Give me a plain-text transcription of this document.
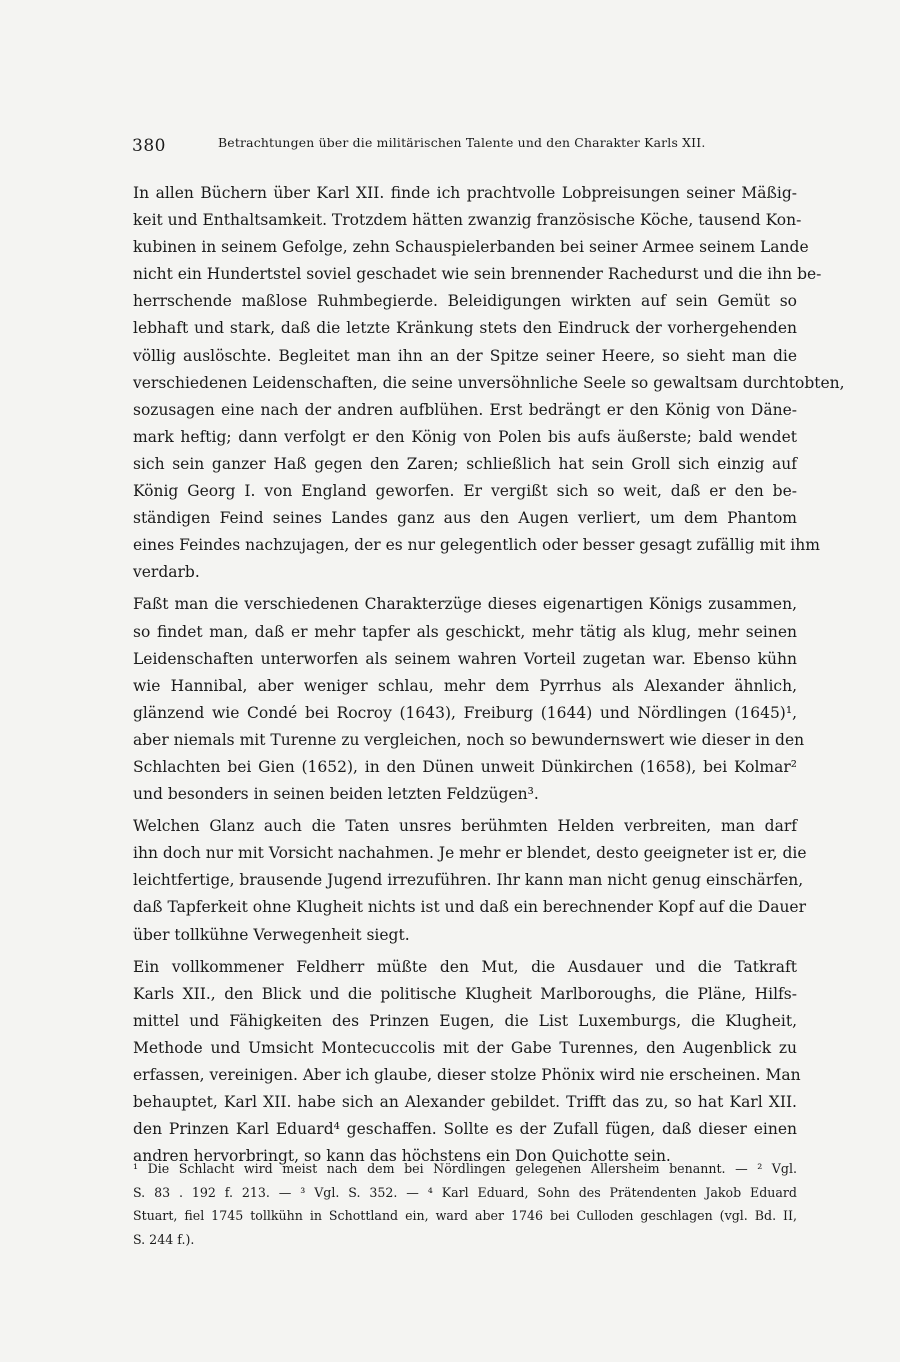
380	Betrachtungen über die militärischen Talente und den Charakter Karls XII.

In allen Büchern über Karl XII. finde ich prachtvolle Lobpreisungen seiner Mäßig-
keit und Enthaltsamkeit. Trotzdem hätten zwanzig französische Köche, tausend Kon-
kubinen in seinem Gefolge, zehn Schauspielerbanden bei seiner Armee seinem Lande
nicht ein Hundertstel soviel geschadet wie sein brennender Rachedurst und die ihn be-
herrschende maßlose Ruhmbegierde. Beleidigungen wirkten auf sein Gemüt so
lebhaft und stark, daß die letzte Kränkung stets den Eindruck der vorhergehenden
völlig auslöschte. Begleitet man ihn an der Spitze seiner Heere, so sieht man die
verschiedenen Leidenschaften, die seine unversöhnliche Seele so gewaltsam durchtobten,
sozusagen eine nach der andren aufblühen. Erst bedrängt er den König von Däne-
mark heftig; dann verfolgt er den König von Polen bis aufs äußerste; bald wendet
sich sein ganzer Haß gegen den Zaren; schließlich hat sein Groll sich einzig auf
König Georg I. von England geworfen. Er vergißt sich so weit, daß er den be-
ständigen Feind seines Landes ganz aus den Augen verliert, um dem Phantom
eines Feindes nachzujagen, der es nur gelegentlich oder besser gesagt zufällig mit ihm
verdarb.

Faßt man die verschiedenen Charakterzüge dieses eigenartigen Königs zusammen,
so findet man, daß er mehr tapfer als geschickt, mehr tätig als klug, mehr seinen
Leidenschaften unterworfen als seinem wahren Vorteil zugetan war. Ebenso kühn
wie Hannibal, aber weniger schlau, mehr dem Pyrrhus als Alexander ähnlich,
glänzend wie Condé bei Rocroy (1643), Freiburg (1644) und Nördlingen (1645)¹,
aber niemals mit Turenne zu vergleichen, noch so bewundernswert wie dieser in den
Schlachten bei Gien (1652), in den Dünen unweit Dünkirchen (1658), bei Kolmar²
und besonders in seinen beiden letzten Feldzügen³.

Welchen Glanz auch die Taten unsres berühmten Helden verbreiten, man darf
ihn doch nur mit Vorsicht nachahmen. Je mehr er blendet, desto geeigneter ist er, die
leichtfertige, brausende Jugend irrezuführen. Ihr kann man nicht genug einschärfen,
daß Tapferkeit ohne Klugheit nichts ist und daß ein berechnender Kopf auf die Dauer
über tollkühne Verwegenheit siegt.

Ein vollkommener Feldherr müßte den Mut, die Ausdauer und die Tatkraft
Karls XII., den Blick und die politische Klugheit Marlboroughs, die Pläne, Hilfs-
mittel und Fähigkeiten des Prinzen Eugen, die List Luxemburgs, die Klugheit,
Methode und Umsicht Montecuccolis mit der Gabe Turennes, den Augenblick zu
erfassen, vereinigen. Aber ich glaube, dieser stolze Phönix wird nie erscheinen. Man
behauptet, Karl XII. habe sich an Alexander gebildet. Trifft das zu, so hat Karl XII.
den Prinzen Karl Eduard⁴ geschaffen. Sollte es der Zufall fügen, daß dieser einen
andren hervorbringt, so kann das höchstens ein Don Quichotte sein.

¹ Die Schlacht wird meist nach dem bei Nördlingen gelegenen Allersheim benannt. — ² Vgl.
S. 83 . 192 f. 213. — ³ Vgl. S. 352. — ⁴ Karl Eduard, Sohn des Prätendenten Jakob Eduard
Stuart, fiel 1745 tollkühn in Schottland ein, ward aber 1746 bei Culloden geschlagen (vgl. Bd. II,
S. 244 f.).
